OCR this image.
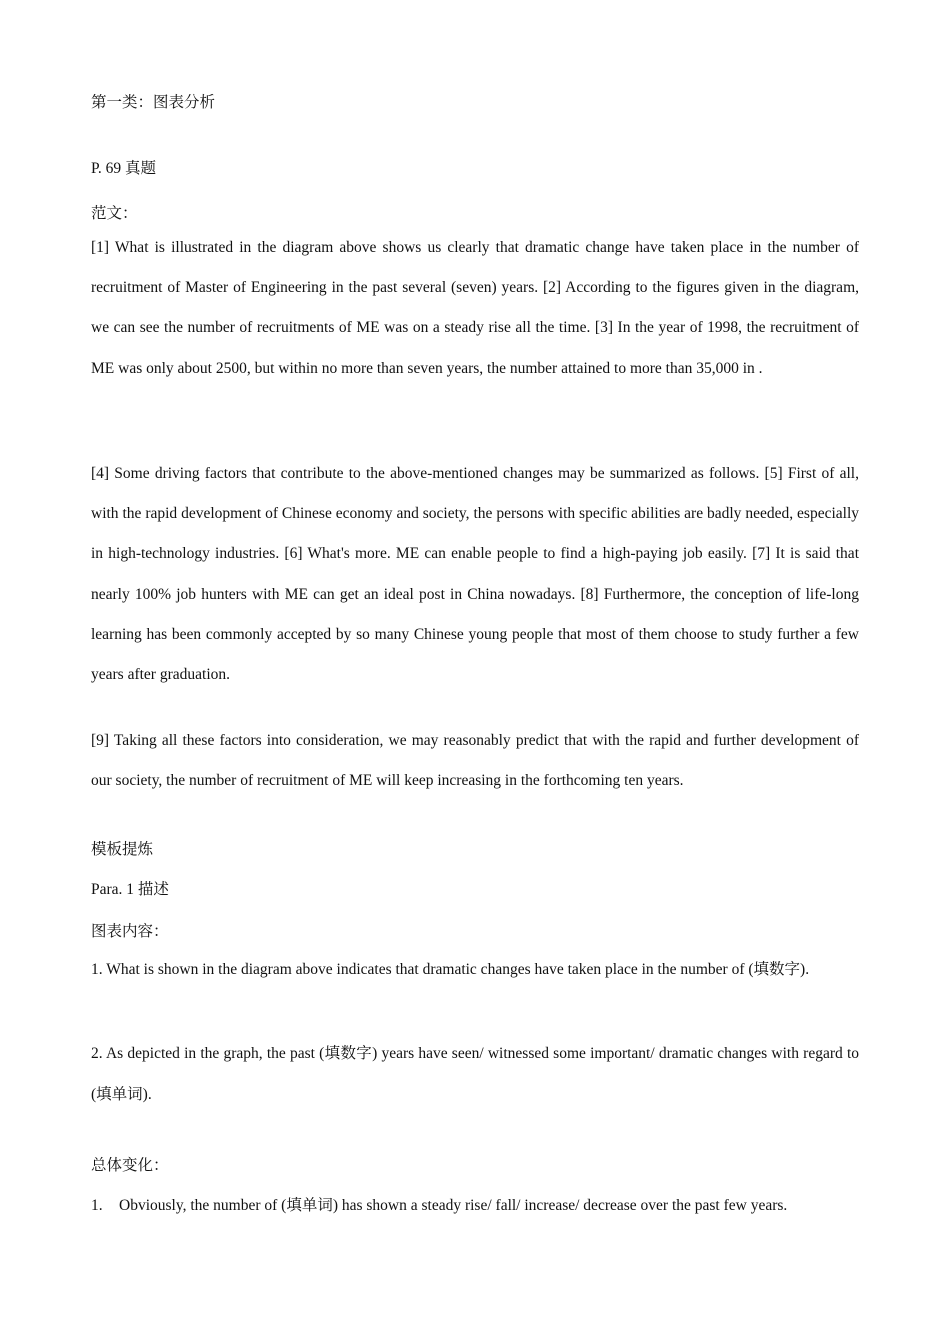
第一类：图表分析

P. 69 真题

范文：

[1] What is illustrated in the diagram above shows us clearly that dramatic change have taken place in the number of recruitment of Master of Engineering in the past several (seven) years. [2] According to the figures given in the diagram, we can see the number of recruitments of ME was on a steady rise all the time. [3] In the year of 1998, the recruitment of ME was only about 2500, but within no more than seven years, the number attained to more than 35,000 in .

[4] Some driving factors that contribute to the above-mentioned changes may be summarized as follows. [5] First of all, with the rapid development of Chinese economy and society, the persons with specific abilities are badly needed, especially in high-technology industries. [6] What's more. ME can enable people to find a high-paying job easily. [7] It is said that nearly 100% job hunters with ME can get an ideal post in China nowadays. [8] Furthermore, the conception of life-long learning has been commonly accepted by so many Chinese young people that most of them choose to study further a few years after graduation.

[9] Taking all these factors into consideration, we may reasonably predict that with the rapid and further development of our society, the number of recruitment of ME will keep increasing in the forthcoming ten years.

模板提炼

Para. 1 描述

图表内容：

1. What is shown in the diagram above indicates that dramatic changes have taken place in the number of (填数字).

2. As depicted in the graph, the past (填数字) years have seen/ witnessed some important/ dramatic changes with regard to (填单词).

总体变化：

1. Obviously, the number of (填单词) has shown a steady rise/ fall/ increase/ decrease over the past few years.
